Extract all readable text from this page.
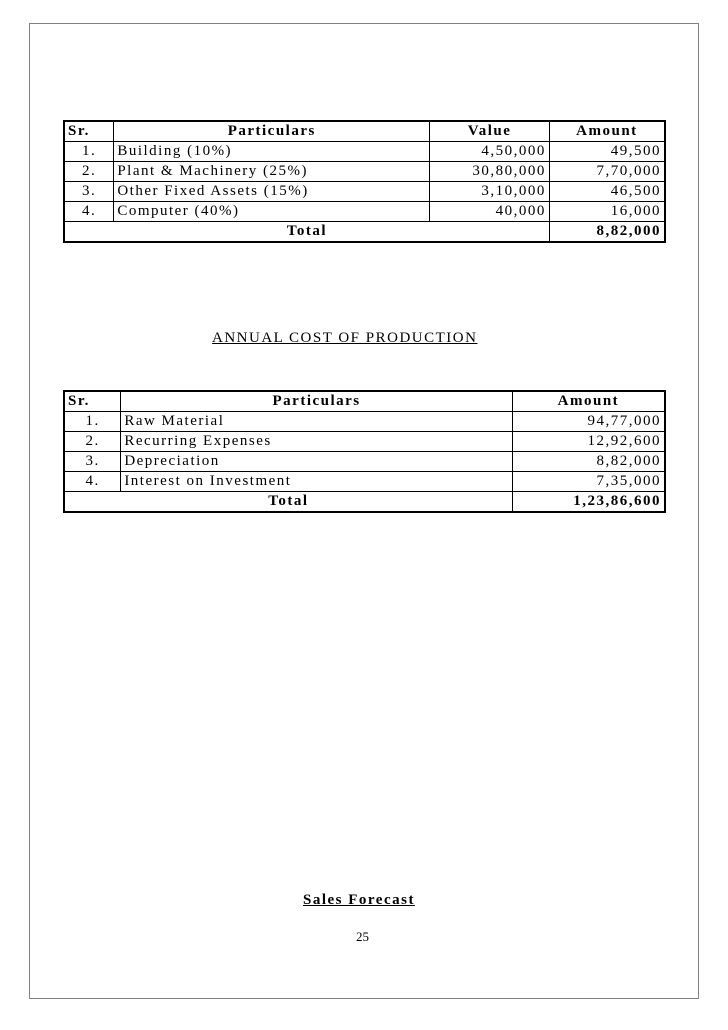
Sr.	Particulars	Value	Amount
1.	Building (10%)	4,50,000	49,500
2.	Plant & Machinery (25%)	30,80,000	7,70,000
3.	Other Fixed Assets (15%)	3,10,000	46,500
4.	Computer (40%)	40,000	16,000
Total			8,82,000
ANNUAL COST OF PRODUCTION
Sr.	Particulars	Amount
1.	Raw Material	94,77,000
2.	Recurring Expenses	12,92,600
3.	Depreciation	8,82,000
4.	Interest on Investment	7,35,000
Total		1,23,86,600
Sales Forecast
25
